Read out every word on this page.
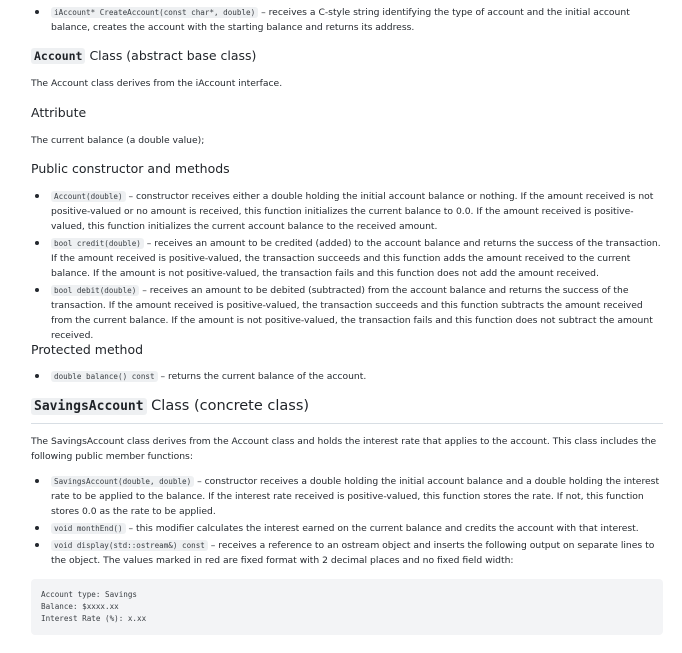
iAccount* CreateAccount(const char*, double) – receives a C-style string identifying the type of account and the initial account balance, creates the account with the starting balance and returns its address.
Account Class (abstract base class)
The Account class derives from the iAccount interface.
Attribute
The current balance (a double value);
Public constructor and methods
Account(double) – constructor receives either a double holding the initial account balance or nothing. If the amount received is not positive-valued or no amount is received, this function initializes the current balance to 0.0. If the amount received is positive-valued, this function initializes the current account balance to the received amount.
bool credit(double) – receives an amount to be credited (added) to the account balance and returns the success of the transaction. If the amount received is positive-valued, the transaction succeeds and this function adds the amount received to the current balance. If the amount is not positive-valued, the transaction fails and this function does not add the amount received.
bool debit(double) – receives an amount to be debited (subtracted) from the account balance and returns the success of the transaction. If the amount received is positive-valued, the transaction succeeds and this function subtracts the amount received from the current balance. If the amount is not positive-valued, the transaction fails and this function does not subtract the amount received.
Protected method
double balance() const – returns the current balance of the account.
SavingsAccount Class (concrete class)
The SavingsAccount class derives from the Account class and holds the interest rate that applies to the account. This class includes the following public member functions:
SavingsAccount(double, double) – constructor receives a double holding the initial account balance and a double holding the interest rate to be applied to the balance. If the interest rate received is positive-valued, this function stores the rate. If not, this function stores 0.0 as the rate to be applied.
void monthEnd() – this modifier calculates the interest earned on the current balance and credits the account with that interest.
void display(std::ostream&) const – receives a reference to an ostream object and inserts the following output on separate lines to the object. The values marked in red are fixed format with 2 decimal places and no fixed field width:
Account type: Savings
Balance: $xxxx.xx
Interest Rate (%): x.xx
